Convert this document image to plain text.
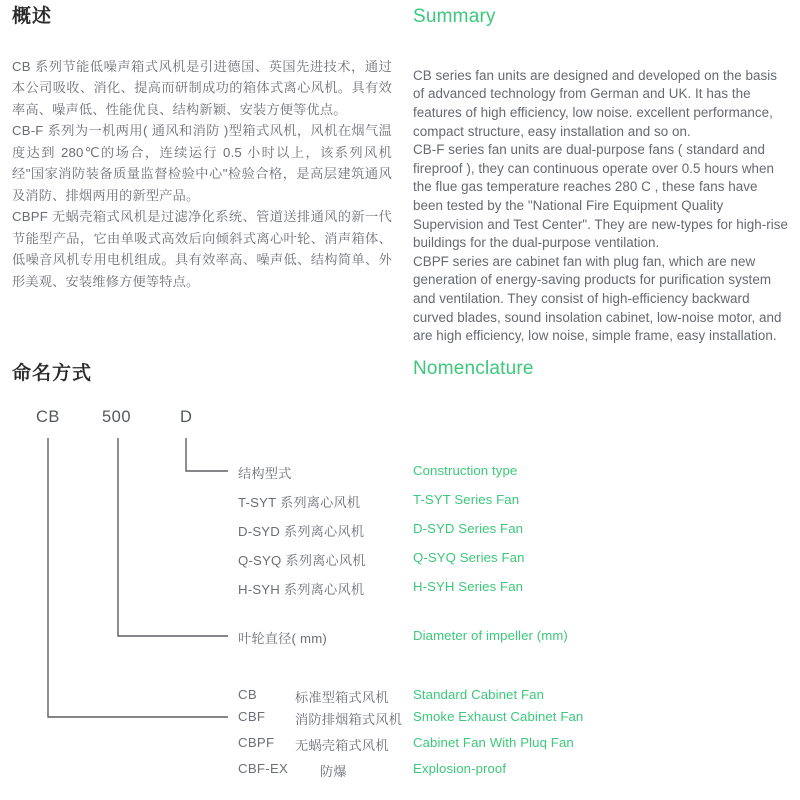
概述

CB 系列节能低噪声箱式风机是引进德国、英国先进技术，通过本公司吸收、消化、提高而研制成功的箱体式离心风机。具有效率高、噪声低、性能优良、结构新颖、安装方便等优点。

CB-F 系列为一机两用( 通风和消防 )型箱式风机，风机在烟气温度达到 280℃的场合，连续运行 0.5 小时以上，该系列风机经"国家消防装备质量监督检验中心"检验合格，是高层建筑通风及消防、排烟两用的新型产品。

CBPF 无蜗壳箱式风机是过滤净化系统、管道送排通风的新一代节能型产品，它由单吸式高效后向倾斜式离心叶轮、消声箱体、低噪音风机专用电机组成。具有效率高、噪声低、结构简单、外形美观、安装维修方便等特点。

Summary

CB series fan units are designed and developed on the basis of advanced technology from German and UK. It has the features of high efficiency, low noise. excellent performance, compact structure, easy installation and so on.

CB-F series fan units are dual-purpose fans ( standard and fireproof ), they can continuous operate over 0.5 hours when the flue gas temperature reaches 280 C , these fans have been tested by the "National Fire Equipment Quality Supervision and Test Center". They are new-types for high-rise buildings for the dual-purpose ventilation.

CBPF series are cabinet fan with plug fan, which are new generation of energy-saving products for purification system and ventilation. They consist of high-efficiency backward curved blades, sound insolation cabinet, low-noise motor, and are high efficiency, low noise, simple frame, easy installation.

命名方式	Nomenclature
CB	500	D
结构型式	Construction type
T-SYT 系列离心风机	T-SYT Series Fan
D-SYD 系列离心风机	D-SYD Series Fan
Q-SYQ 系列离心风机	Q-SYQ Series Fan
H-SYH 系列离心风机	H-SYH Series Fan
叶轮直径( mm)	Diameter of impeller (mm)
CB	标准型箱式风机 Standard Cabinet Fan
CBF 消防排烟箱式风机 Smoke Exhaust Cabinet Fan
CBPF 无蜗壳箱式风机 Cabinet Fan With Pluq Fan
CBF-EX 防爆	Explosion-proof
